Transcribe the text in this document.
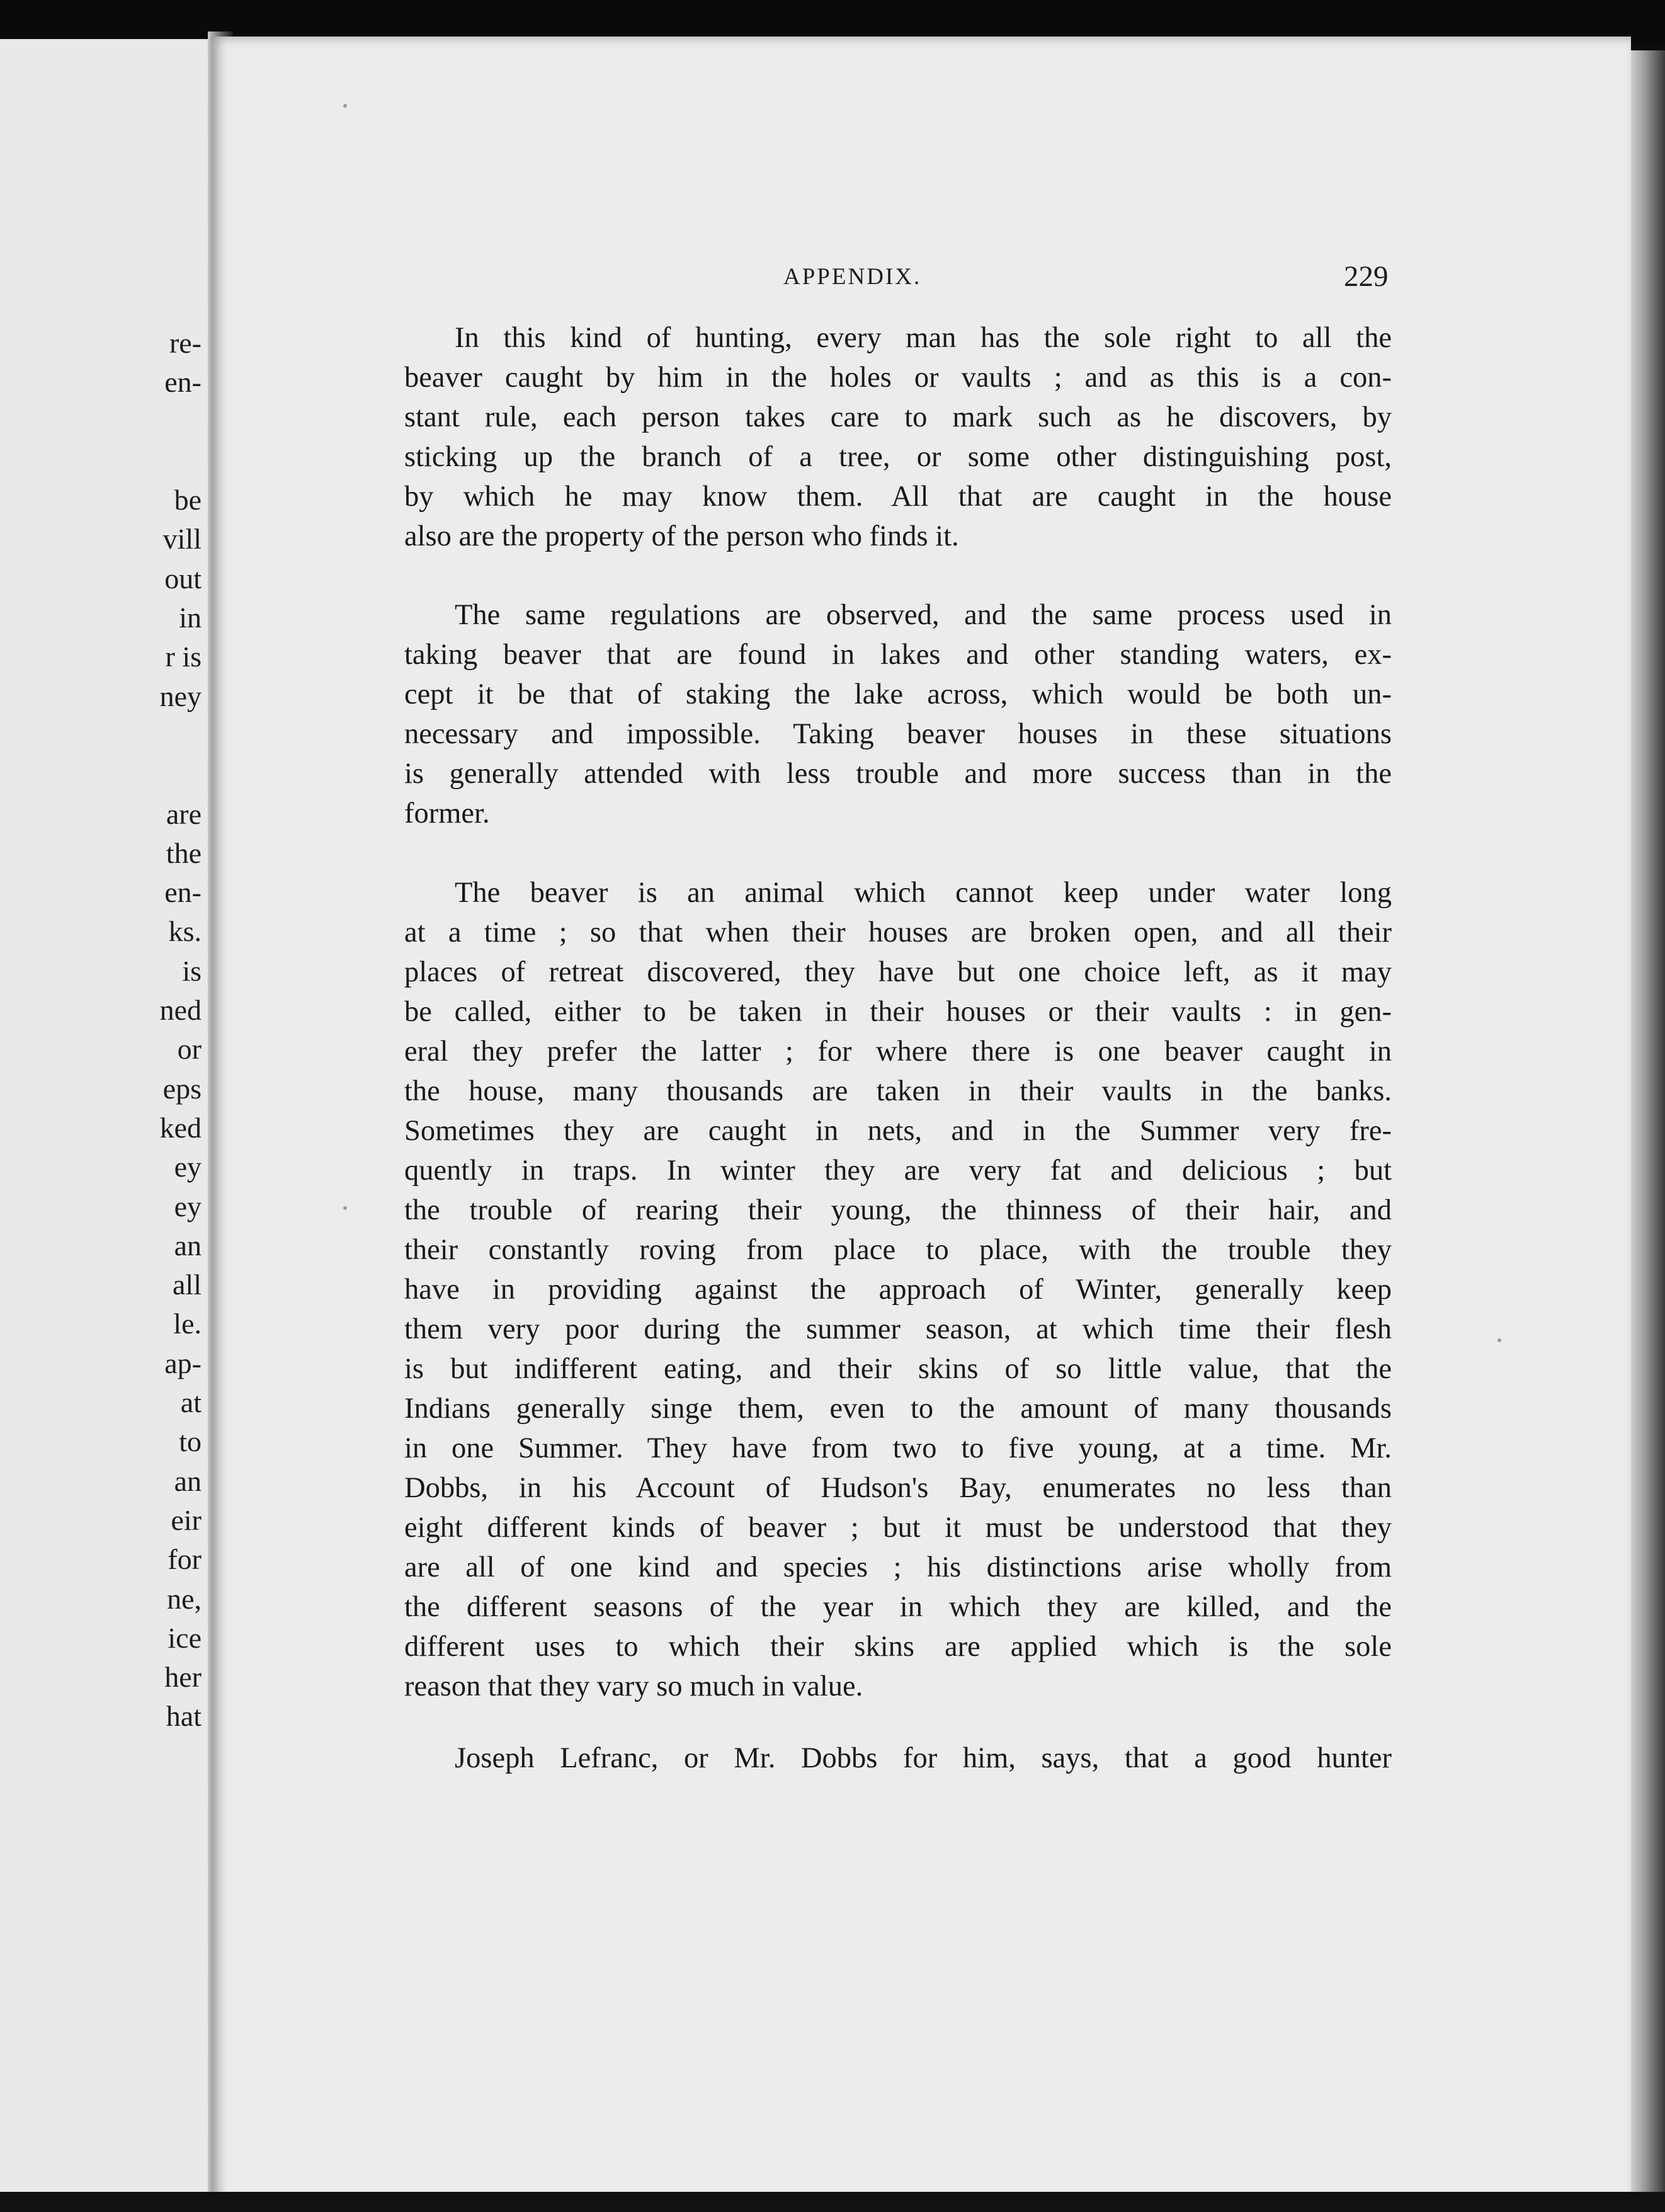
re-
en-
be
vill
out
in
r is
ney
are
the
en-
ks.
is
ned
or
eps
ked
ey
ey
an
all
le.
ap-
at
to
an
eir
for
ne,
ice
her
hat
APPENDIX.	229
In this kind of hunting, every man has the sole right to all the
beaver caught by him in the holes or vaults ; and as this is a con-
stant rule, each person takes care to mark such as he discovers, by
sticking up the branch of a tree, or some other distinguishing post,
by which he may know them. All that are caught in the house
also are the property of the person who finds it.
The same regulations are observed, and the same process used in
taking beaver that are found in lakes and other standing waters, ex-
cept it be that of staking the lake across, which would be both un-
necessary and impossible. Taking beaver houses in these situations
is generally attended with less trouble and more success than in the
former.
The beaver is an animal which cannot keep under water long
at a time ; so that when their houses are broken open, and all their
places of retreat discovered, they have but one choice left, as it may
be called, either to be taken in their houses or their vaults : in gen-
eral they prefer the latter ; for where there is one beaver caught in
the house, many thousands are taken in their vaults in the banks.
Sometimes they are caught in nets, and in the Summer very fre-
quently in traps. In winter they are very fat and delicious ; but
the trouble of rearing their young, the thinness of their hair, and
their constantly roving from place to place, with the trouble they
have in providing against the approach of Winter, generally keep
them very poor during the summer season, at which time their flesh
is but indifferent eating, and their skins of so little value, that the
Indians generally singe them, even to the amount of many thousands
in one Summer. They have from two to five young, at a time. Mr.
Dobbs, in his Account of Hudson's Bay, enumerates no less than
eight different kinds of beaver ; but it must be understood that they
are all of one kind and species ; his distinctions arise wholly from
the different seasons of the year in which they are killed, and the
different uses to which their skins are applied which is the sole
reason that they vary so much in value.
Joseph Lefranc, or Mr. Dobbs for him, says, that a good hunter
